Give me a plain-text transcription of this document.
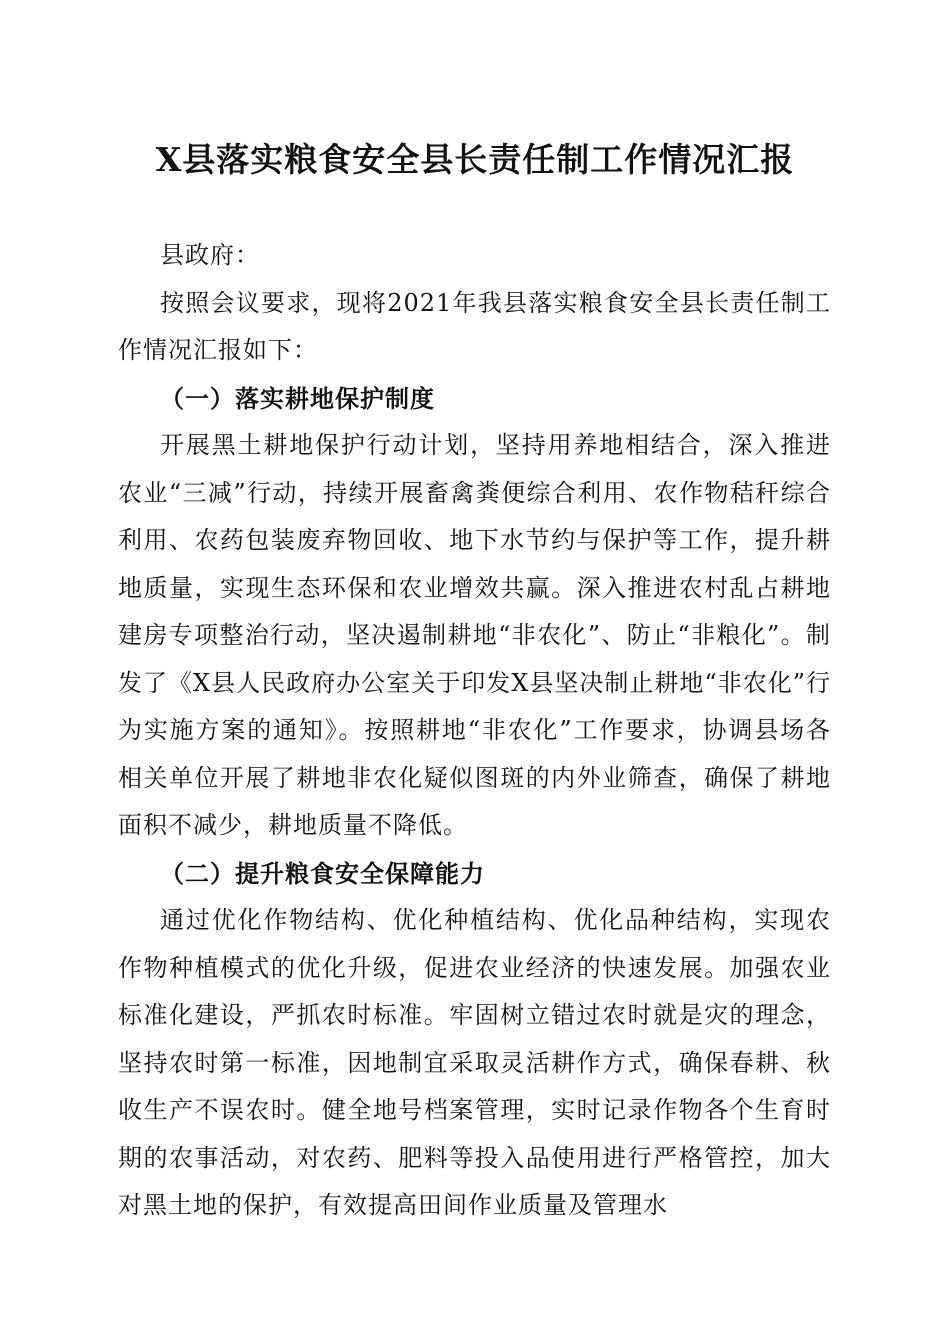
X县落实粮食安全县长责任制工作情况汇报

县政府：

按照会议要求，现将2021年我县落实粮食安全县长责任制工作情况汇报如下：

（一）落实耕地保护制度

开展黑土耕地保护行动计划，坚持用养地相结合，深入推进农业“三减”行动，持续开展畜禽粪便综合利用、农作物秸秆综合利用、农药包装废弃物回收、地下水节约与保护等工作，提升耕地质量，实现生态环保和农业增效共赢。深入推进农村乱占耕地建房专项整治行动，坚决遏制耕地“非农化”、防止“非粮化”。制发了《X县人民政府办公室关于印发X县坚决制止耕地“非农化”行为实施方案的通知》。按照耕地“非农化”工作要求，协调县场各相关单位开展了耕地非农化疑似图斑的内外业筛查，确保了耕地面积不减少，耕地质量不降低。

（二）提升粮食安全保障能力

通过优化作物结构、优化种植结构、优化品种结构，实现农作物种植模式的优化升级，促进农业经济的快速发展。加强农业标准化建设，严抓农时标准。牢固树立错过农时就是灾的理念，坚持农时第一标准，因地制宜采取灵活耕作方式，确保春耕、秋收生产不误农时。健全地号档案管理，实时记录作物各个生育时期的农事活动，对农药、肥料等投入品使用进行严格管控，加大对黑土地的保护，有效提高田间作业质量及管理水
